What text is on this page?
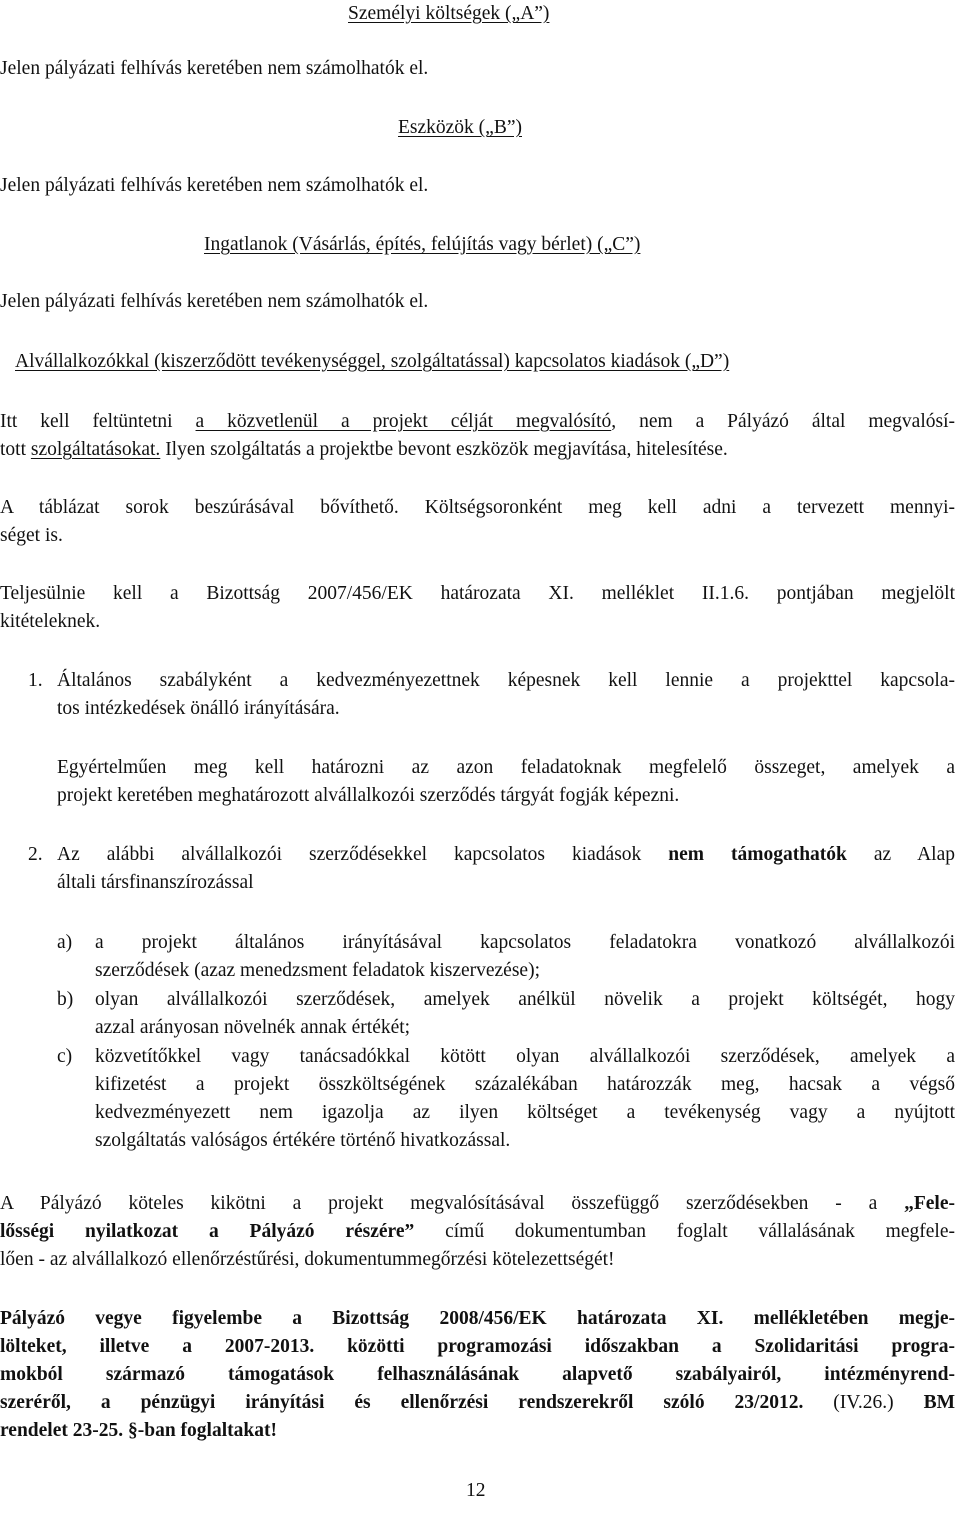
Személyi költségek („A”)
Jelen pályázati felhívás keretében nem számolhatók el.
Eszközök („B”)
Jelen pályázati felhívás keretében nem számolhatók el.
Ingatlanok (Vásárlás, építés, felújítás vagy bérlet) („C”)
Jelen pályázati felhívás keretében nem számolhatók el.
Alvállalkozókkal (kiszerződött tevékenységgel, szolgáltatással) kapcsolatos kiadások („D”)
Itt kell feltüntetni a közvetlenül a projekt célját megvalósító, nem a Pályázó által megvalósí-
tott szolgáltatásokat. Ilyen szolgáltatás a projektbe bevont eszközök megjavítása, hitelesítése.
A táblázat sorok beszúrásával bővíthető. Költségsoronként meg kell adni a tervezett mennyi-
séget is.
Teljesülnie kell a Bizottság 2007/456/EK határozata XI. melléklet II.1.6. pontjában megjelölt
kitételeknek.
1. Általános szabályként a kedvezményezettnek képesnek kell lennie a projekttel kapcsola-
tos intézkedések önálló irányítására.
Egyértelműen meg kell határozni az azon feladatoknak megfelelő összeget, amelyek a
projekt keretében meghatározott alvállalkozói szerződés tárgyát fogják képezni.
2. Az alábbi alvállalkozói szerződésekkel kapcsolatos kiadások nem támogathatók az Alap
általi társfinanszírozással
a) a projekt általános irányításával kapcsolatos feladatokra vonatkozó alvállalkozói
szerződések (azaz menedzsment feladatok kiszervezése);
b) olyan alvállalkozói szerződések, amelyek anélkül növelik a projekt költségét, hogy
azzal arányosan növelnék annak értékét;
c) közvetítőkkel vagy tanácsadókkal kötött olyan alvállalkozói szerződések, amelyek a
kifizetést a projekt összköltségének százalékában határozzák meg, hacsak a végső
kedvezményezett nem igazolja az ilyen költséget a tevékenység vagy a nyújtott
szolgáltatás valóságos értékére történő hivatkozással.
A Pályázó köteles kikötni a projekt megvalósításával összefüggő szerződésekben - a „Fele-
lősségi nyilatkozat a Pályázó részére” című dokumentumban foglalt vállalásának megfele-
lően - az alvállalkozó ellenőrzéstűrési, dokumentummegőrzési kötelezettségét!
Pályázó vegye figyelembe a Bizottság 2008/456/EK határozata XI. mellékletében megje-
lölteket, illetve a 2007-2013. közötti programozási időszakban a Szolidaritási progra-
mokból származó támogatások felhasználásának alapvető szabályairól, intézményrend-
szeréről, a pénzügyi irányítási és ellenőrzési rendszerekről szóló 23/2012. (IV.26.) BM
rendelet 23-25. §-ban foglaltakat!
12
